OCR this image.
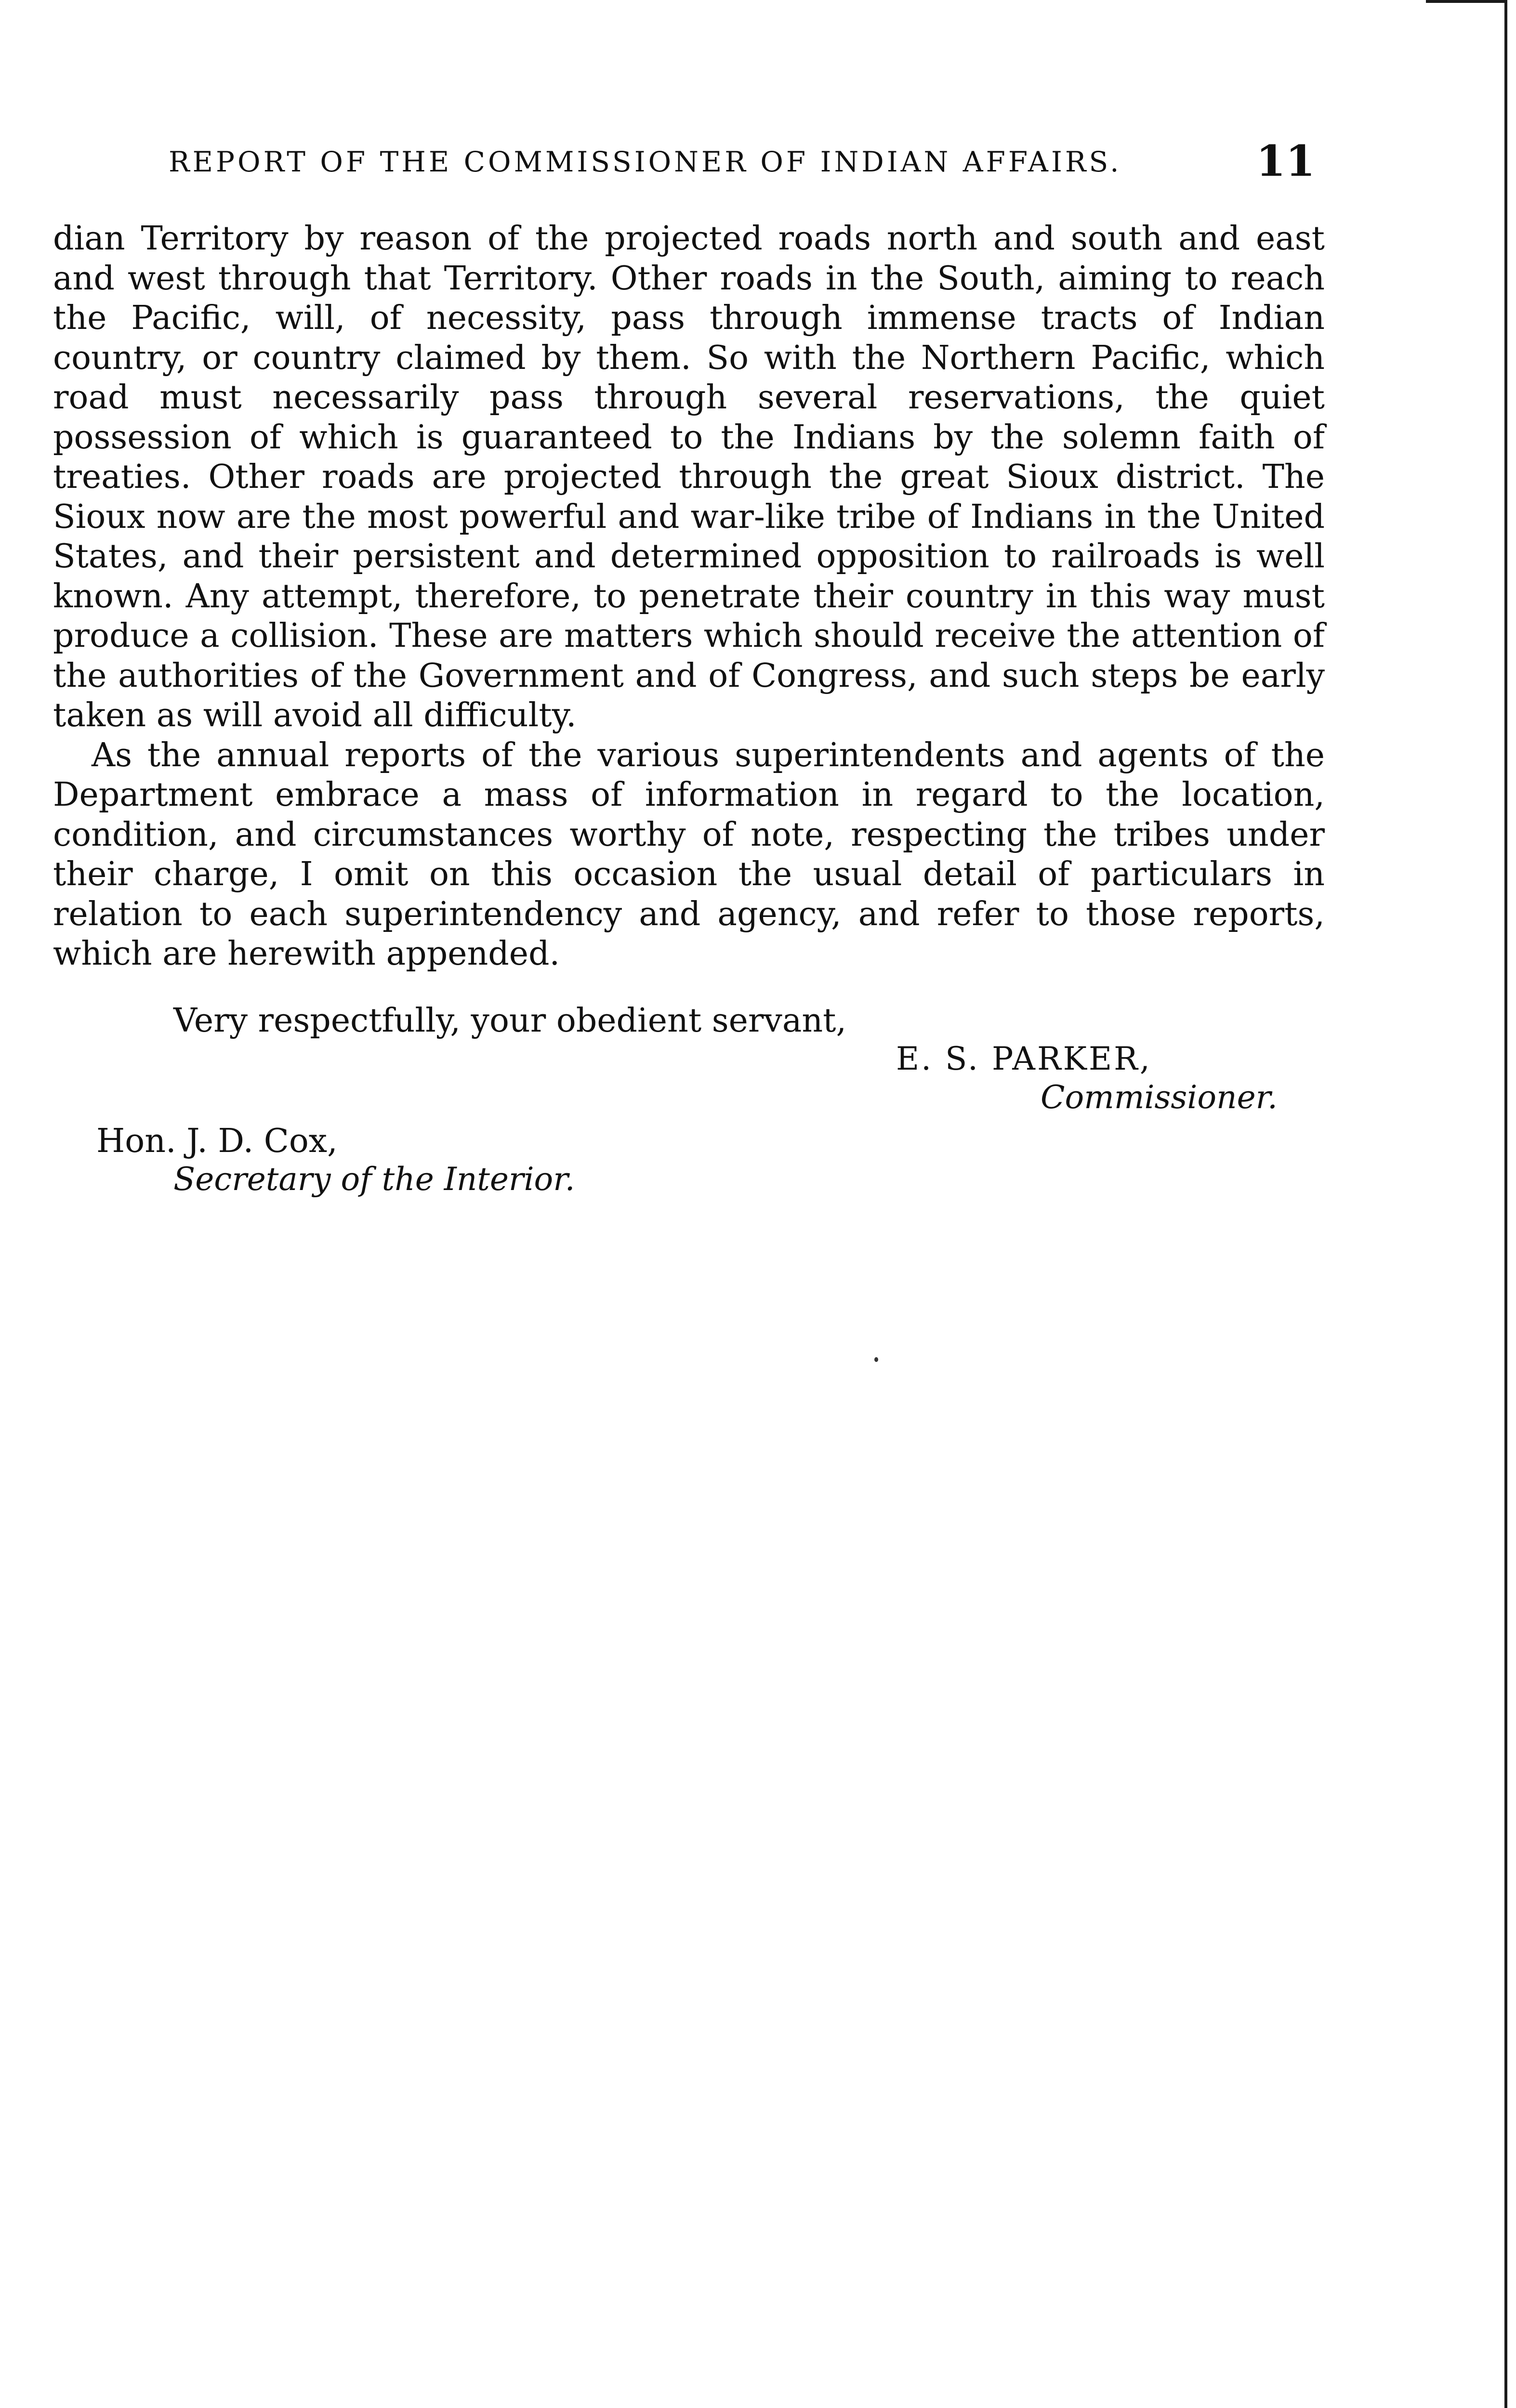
REPORT OF THE COMMISSIONER OF INDIAN AFFAIRS.	11

dian Territory by reason of the projected roads north and south and east and west through that Territory. Other roads in the South, aiming to reach the Pacific, will, of necessity, pass through immense tracts of Indian country, or country claimed by them. So with the Northern Pacific, which road must necessarily pass through several reservations, the quiet possession of which is guaranteed to the Indians by the solemn faith of treaties. Other roads are projected through the great Sioux district. The Sioux now are the most powerful and war-like tribe of Indians in the United States, and their persistent and determined opposition to railroads is well known. Any attempt, therefore, to penetrate their country in this way must produce a collision. These are matters which should receive the attention of the authorities of the Government and of Congress, and such steps be early taken as will avoid all difficulty.

As the annual reports of the various superintendents and agents of the Department embrace a mass of information in regard to the location, condition, and circumstances worthy of note, respecting the tribes under their charge, I omit on this occasion the usual detail of particulars in relation to each superintendency and agency, and refer to those reports, which are herewith appended.

Very respectfully, your obedient servant,
E. S. PARKER,
Commissioner.
Hon. J. D. Cox,
Secretary of the Interior.
